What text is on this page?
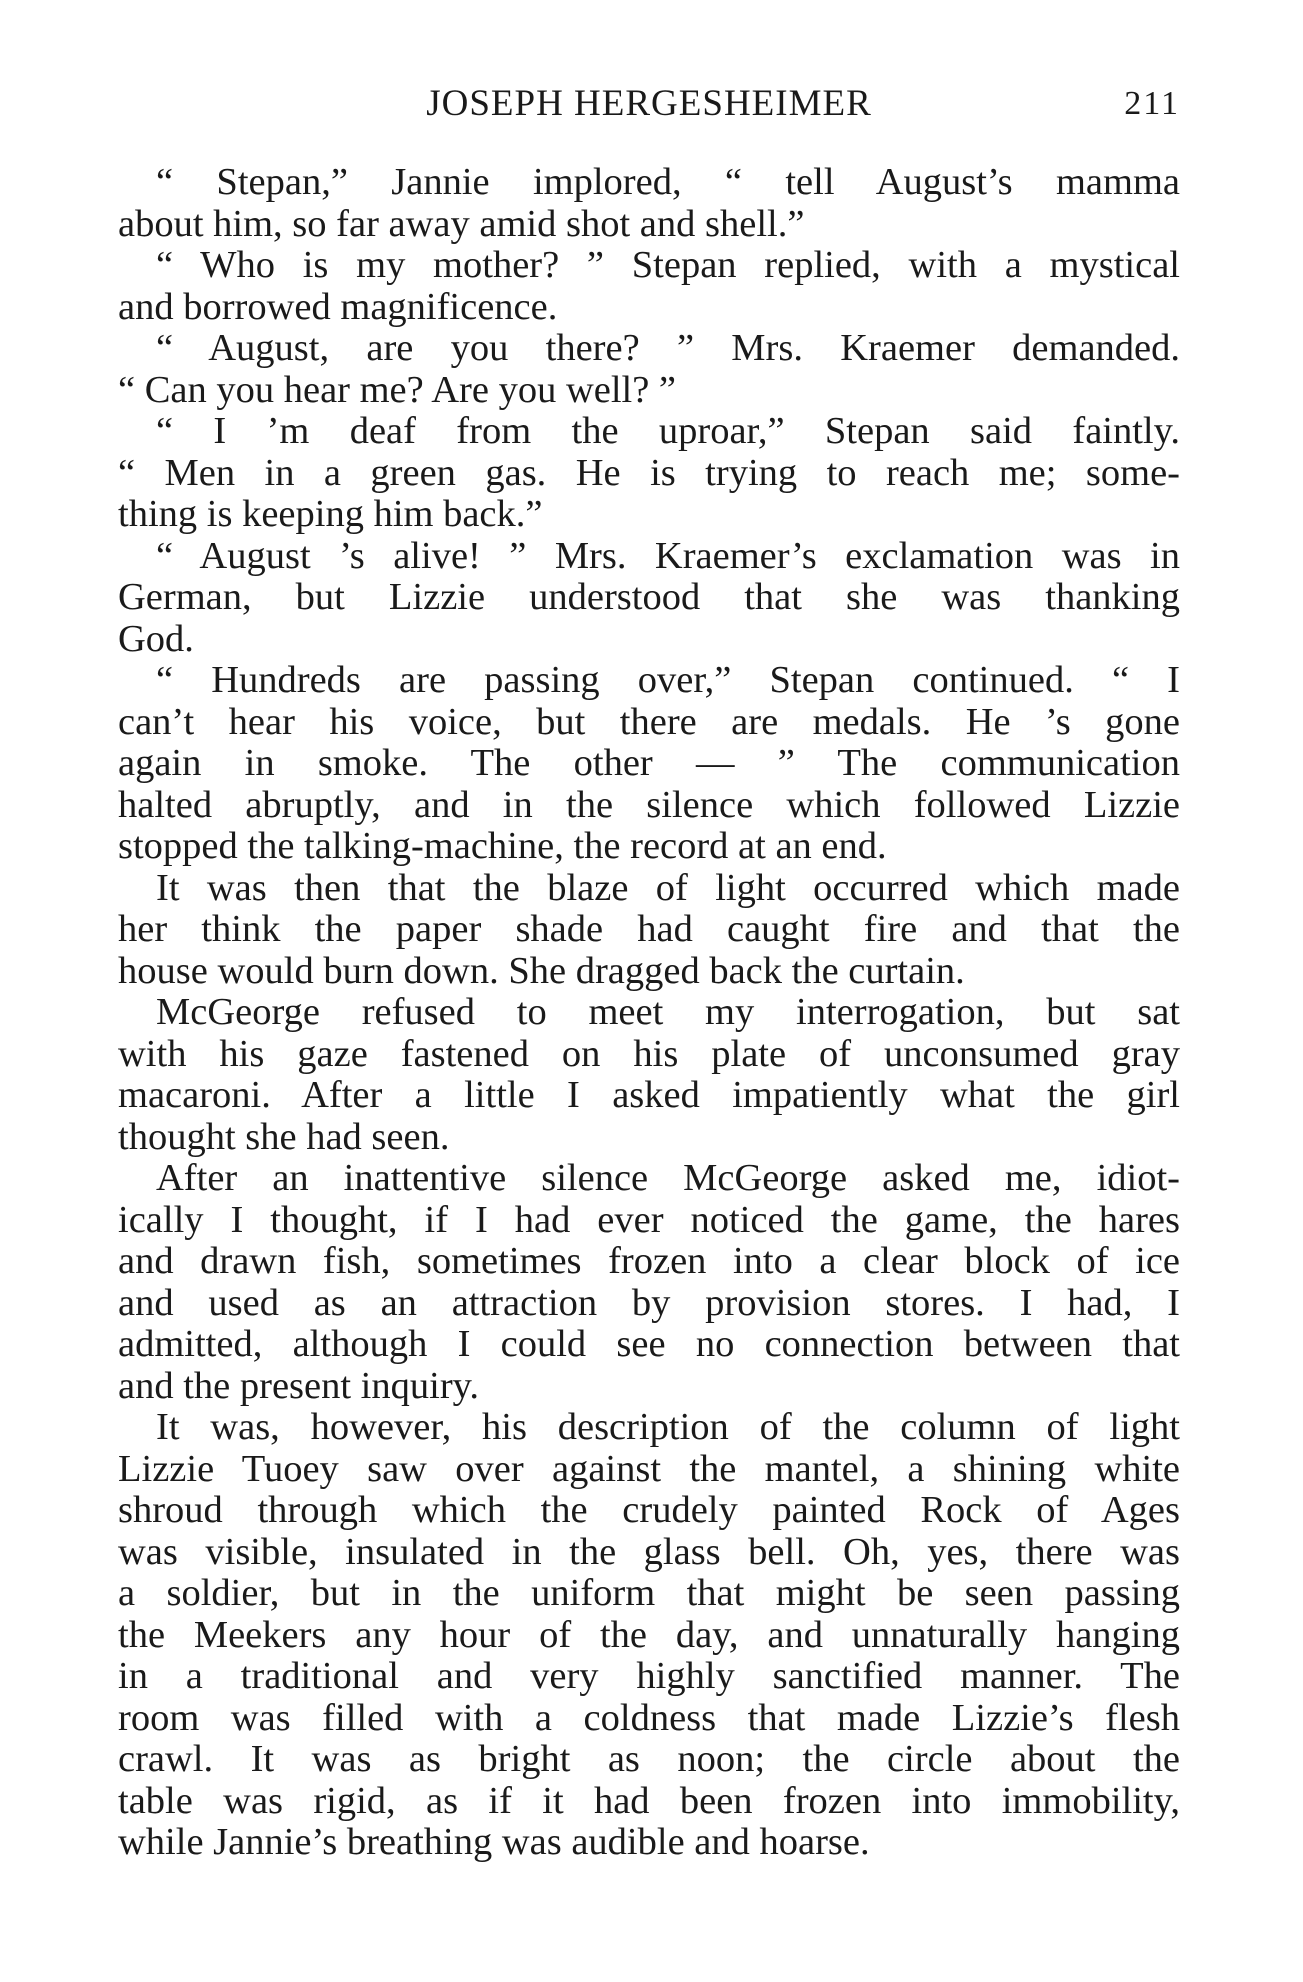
JOSEPH HERGESHEIMER	211
“ Stepan,” Jannie implored, “ tell August’s mamma
about him, so far away amid shot and shell.”
“ Who is my mother? ” Stepan replied, with a mystical
and borrowed magnificence.
“ August, are you there? ” Mrs. Kraemer demanded.
“ Can you hear me? Are you well? ”
“ I ’m deaf from the uproar,” Stepan said faintly.
“ Men in a green gas. He is trying to reach me; some-
thing is keeping him back.”
“ August ’s alive! ” Mrs. Kraemer’s exclamation was in
German, but Lizzie understood that she was thanking
God.
“ Hundreds are passing over,” Stepan continued. “ I
can’t hear his voice, but there are medals. He ’s gone
again in smoke. The other — ” The communication
halted abruptly, and in the silence which followed Lizzie
stopped the talking-machine, the record at an end.
It was then that the blaze of light occurred which made
her think the paper shade had caught fire and that the
house would burn down. She dragged back the curtain.
McGeorge refused to meet my interrogation, but sat
with his gaze fastened on his plate of unconsumed gray
macaroni. After a little I asked impatiently what the girl
thought she had seen.
After an inattentive silence McGeorge asked me, idiot-
ically I thought, if I had ever noticed the game, the hares
and drawn fish, sometimes frozen into a clear block of ice
and used as an attraction by provision stores. I had, I
admitted, although I could see no connection between that
and the present inquiry.
It was, however, his description of the column of light
Lizzie Tuoey saw over against the mantel, a shining white
shroud through which the crudely painted Rock of Ages
was visible, insulated in the glass bell. Oh, yes, there was
a soldier, but in the uniform that might be seen passing
the Meekers any hour of the day, and unnaturally hanging
in a traditional and very highly sanctified manner. The
room was filled with a coldness that made Lizzie’s flesh
crawl. It was as bright as noon; the circle about the
table was rigid, as if it had been frozen into immobility,
while Jannie’s breathing was audible and hoarse.
